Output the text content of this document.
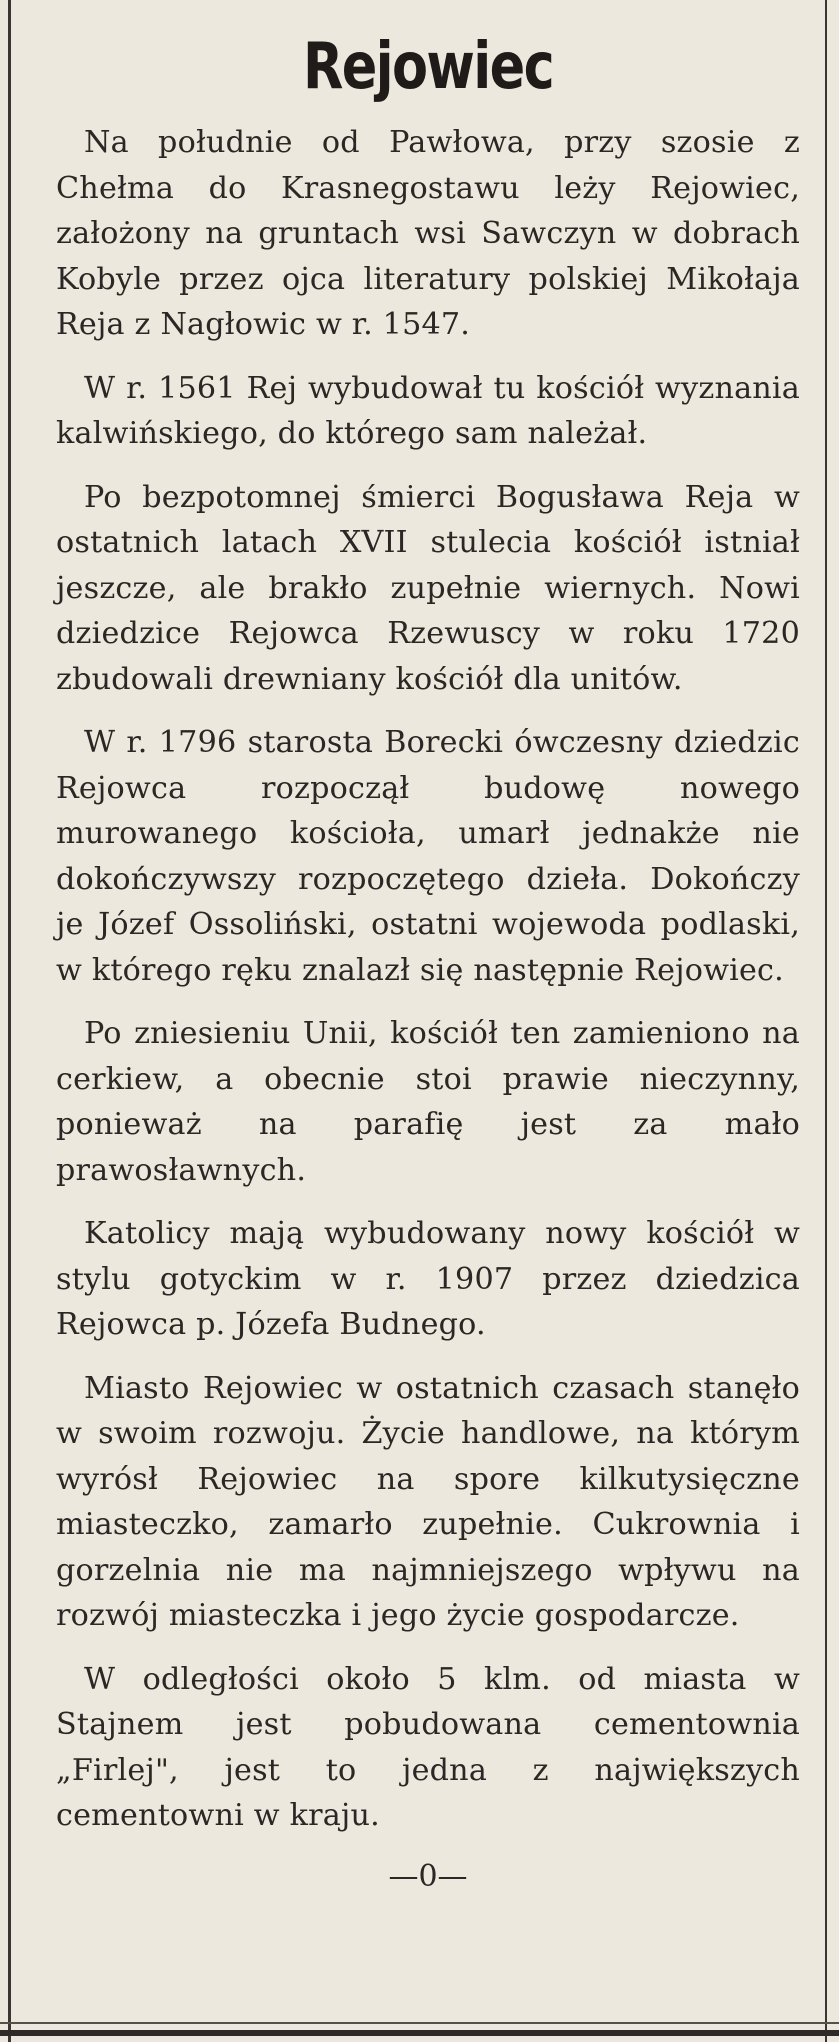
Rejowiec

Na południe od Pawłowa, przy szosie z Chełma do Krasnegostawu leży Rejowiec, założony na gruntach wsi Sawczyn w dobrach Kobyle przez ojca literatury polskiej Mikołaja Reja z Nagłowic w r. 1547.

W r. 1561 Rej wybudował tu kościół wyznania kalwińskiego, do którego sam należał.

Po bezpotomnej śmierci Bogusława Reja w ostatnich latach XVII stulecia kościół istniał jeszcze, ale brakło zupełnie wiernych. Nowi dziedzice Rejowca Rzewuscy w roku 1720 zbudowali drewniany kościół dla unitów.

W r. 1796 starosta Borecki ówczesny dziedzic Rejowca rozpoczął budowę nowego murowanego kościoła, umarł jednakże nie dokończywszy rozpoczętego dzieła. Dokończy je Józef Ossoliński, ostatni wojewoda podlaski, w którego ręku znalazł się następnie Rejowiec.

Po zniesieniu Unii, kościół ten zamieniono na cerkiew, a obecnie stoi prawie nieczynny, ponieważ na parafię jest za mało prawosławnych.

Katolicy mają wybudowany nowy kościół w stylu gotyckim w r. 1907 przez dziedzica Rejowca p. Józefa Budnego.

Miasto Rejowiec w ostatnich czasach stanęło w swoim rozwoju. Życie handlowe, na którym wyrósł Rejowiec na spore kilkutysięczne miasteczko, zamarło zupełnie. Cukrownia i gorzelnia nie ma najmniejszego wpływu na rozwój miasteczka i jego życie gospodarcze.

W odległości około 5 klm. od miasta w Stajnem jest pobudowana cementownia „Firlej", jest to jedna z największych cementowni w kraju.

—0—
